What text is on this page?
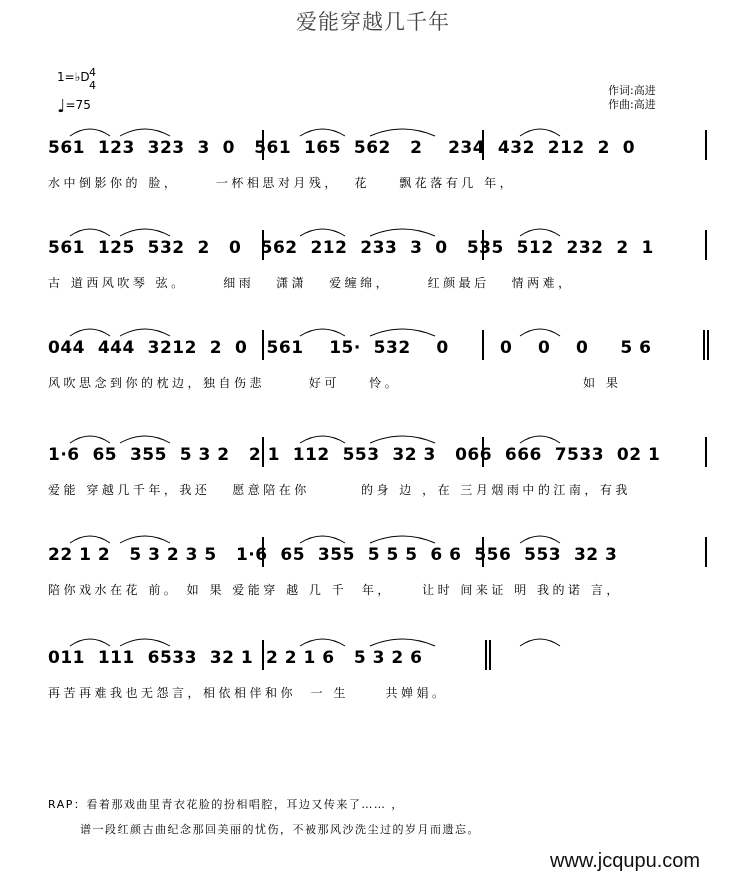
爱能穿越几千年
1=♭D 4
4
♩=75
作词:高进
作曲:高进
561  123  323  3  0   561  165  562   2    234  432  212  2  0
水中倒影你的 脸，     一杯相思对月残，  花    飘花落有几 年，
561  125  532  2   0   562  212  233  3  0   535  512  232  2  1
古 道西风吹琴 弦。     细雨   潇潇   爱缠绵，     红颜最后   情两难，
044  444  3212  2  0   561    15·  532    0        0    0    0     5 6
风吹思念到你的枕边，独自伤悲      好可    怜。                         如 果
1·6  65  355  5 3 2   2 1  112  553  32 3   066  666  7533  02 1
爱能 穿越几千年，我还   愿意陪在你       的身 边 ，在 三月烟雨中的江南，有我
22 1 2   5 3 2 3 5   1·6  65  355  5 5 5  6 6  556  553  32 3
陪你戏水在花 前。 如 果 爱能穿 越 几 千  年，    让时 间来证 明 我的诺 言，
011  111  6533  32 1  2 2 1 6   5 3 2 6
再苦再难我也无怨言，相依相伴和你  一 生     共婵娟。
RAP：看着那戏曲里青衣花脸的扮相唱腔，耳边又传来了…… ，
谱一段红颜古曲纪念那回美丽的忧伤，不被那风沙洗尘过的岁月而遗忘。
www.jcqupu.com
